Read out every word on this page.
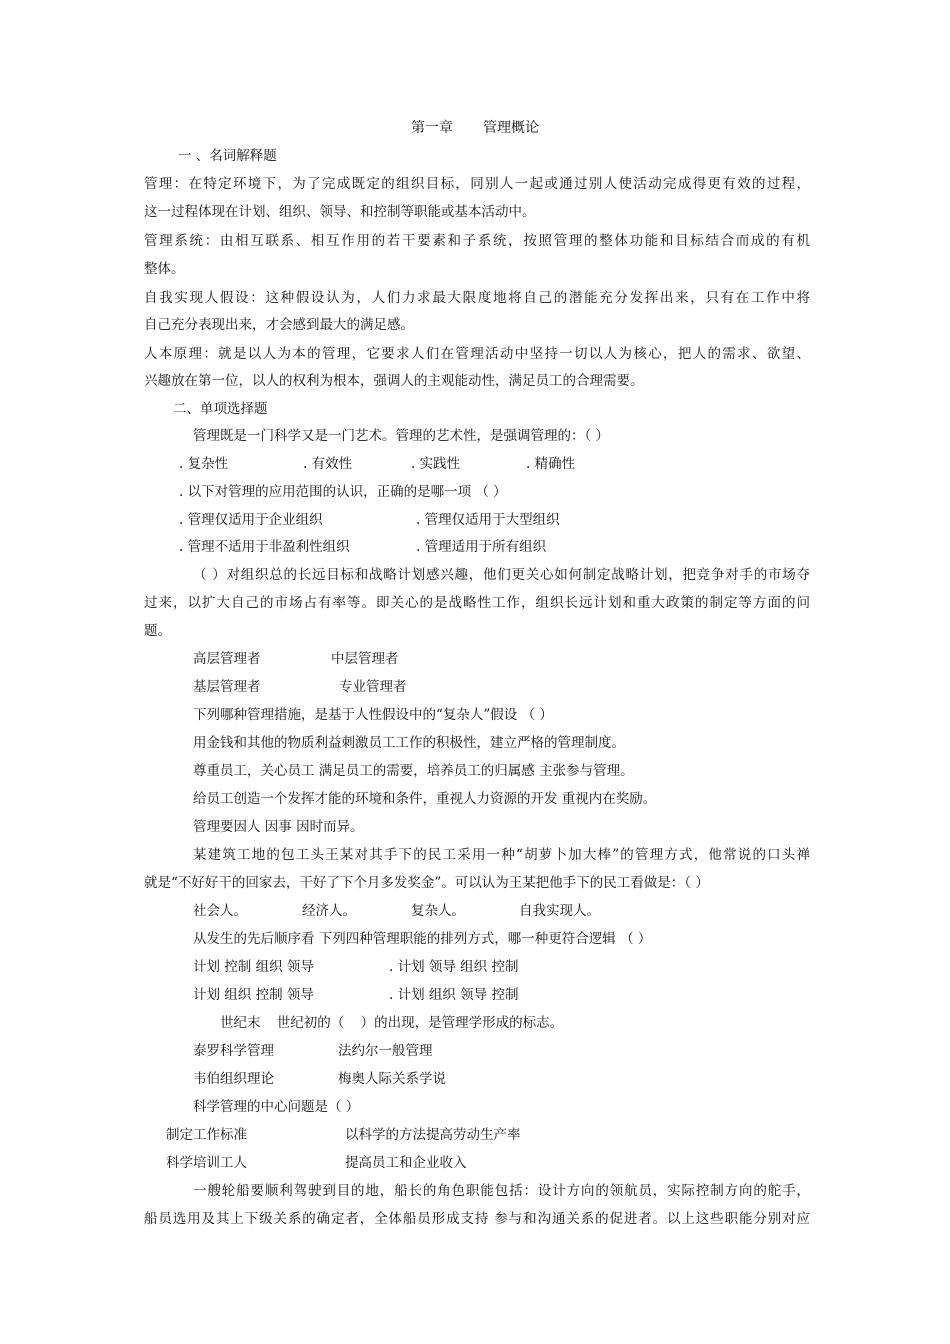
第一章 管理概论
一 、名词解释题
管理：在特定环境下，为了完成既定的组织目标，同别人一起或通过别人使活动完成得更有效的过程，
这一过程体现在计划、组织、领导、和控制等职能或基本活动中。
管理系统：由相互联系、相互作用的若干要素和子系统，按照管理的整体功能和目标结合而成的有机
整体。
自我实现人假设：这种假设认为，人们力求最大限度地将自己的潜能充分发挥出来，只有在工作中将
自己充分表现出来，才会感到最大的满足感。
人本原理：就是以人为本的管理，它要求人们在管理活动中坚持一切以人为核心，把人的需求、欲望、
兴趣放在第一位，以人的权利为根本，强调人的主观能动性，满足员工的合理需要。
二、单项选择题
管理既是一门科学又是一门艺术。管理的艺术性，是强调管理的：（ ）
. 复杂性	. 有效性	. 实践性	. 精确性
. 以下对管理的应用范围的认识，正确的是哪一项 （ ）
. 管理仅适用于企业组织	. 管理仅适用于大型组织
. 管理不适用于非盈利性组织	. 管理适用于所有组织
（ ）对组织总的长远目标和战略计划感兴趣，他们更关心如何制定战略计划，把竞争对手的市场夺
过来，以扩大自己的市场占有率等。即关心的是战略性工作，组织长远计划和重大政策的制定等方面的问
题。
高层管理者	中层管理者
基层管理者	专业管理者
下列哪种管理措施，是基于人性假设中的“复杂人”假设 （ ）
用金钱和其他的物质利益刺激员工工作的积极性，建立严格的管理制度。
尊重员工，关心员工 满足员工的需要，培养员工的归属感 主张参与管理。
给员工创造一个发挥才能的环境和条件，重视人力资源的开发 重视内在奖励。
管理要因人 因事 因时而异。
某建筑工地的包工头王某对其手下的民工采用一种“胡萝卜加大棒”的管理方式，他常说的口头禅
就是“不好好干的回家去，干好了下个月多发奖金”。可以认为王某把他手下的民工看做是：（ ）
社会人。	经济人。	复杂人。	自我实现人。
从发生的先后顺序看 下列四种管理职能的排列方式，哪一种更符合逻辑 （ ）
计划 控制 组织 领导	. 计划 领导 组织 控制
计划 组织 控制 领导	. 计划 组织 领导 控制
世纪末 世纪初的（ ）的出现，是管理学形成的标志。
泰罗科学管理	法约尔一般管理
韦伯组织理论	梅奥人际关系学说
科学管理的中心问题是（ ）
制定工作标准	以科学的方法提高劳动生产率
科学培训工人	提高员工和企业收入
一艘轮船要顺利驾驶到目的地，船长的角色职能包括：设计方向的领航员，实际控制方向的舵手，
船员选用及其上下级关系的确定者，全体船员形成支持 参与和沟通关系的促进者。以上这些职能分别对应
